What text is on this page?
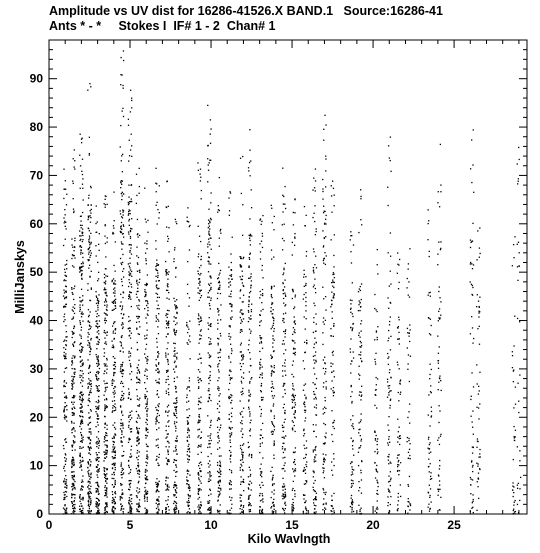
Amplitude vs UV dist for 16286-41526.X BAND.1   Source:16286-41
Ants * - *     Stokes I  IF# 1 - 2  Chan# 1
0	5	10	15	20	25
0
10
20
30
40
50
60
70
80
90
Kilo Wavlngth
MilliJanskys
